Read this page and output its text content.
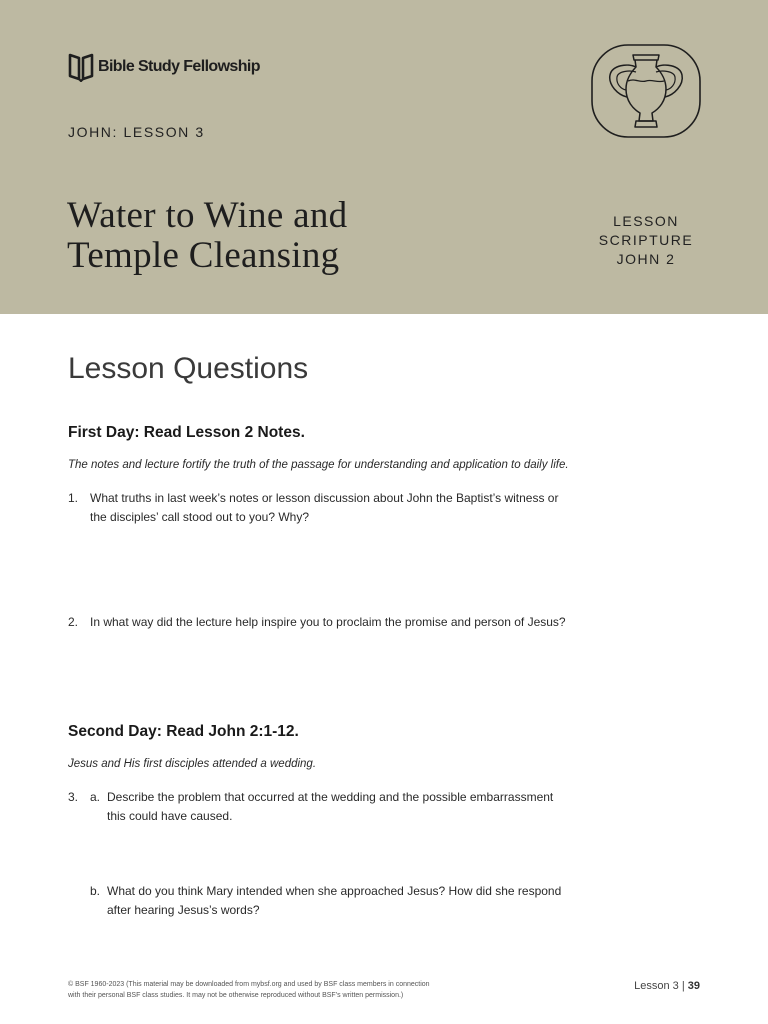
Bible Study Fellowship
JOHN: LESSON 3
Water to Wine and
Temple Cleansing
LESSON
SCRIPTURE
JOHN 2
Lesson Questions
First Day: Read Lesson 2 Notes.

The notes and lecture fortify the truth of the passage for understanding and application to daily life.

1. What truths in last week’s notes or lesson discussion about John the Baptist’s witness or
the disciples’ call stood out to you? Why?
2. In what way did the lecture help inspire you to proclaim the promise and person of Jesus?
Second Day: Read John 2:1-12.

Jesus and His first disciples attended a wedding.

3. a. Describe the problem that occurred at the wedding and the possible embarrassment
this could have caused.
b. What do you think Mary intended when she approached Jesus? How did she respond
after hearing Jesus’s words?
© BSF 1960-2023 (This material may be downloaded from mybsf.org and used by BSF class members in connection
with their personal BSF class studies. It may not be otherwise reproduced without BSF’s written permission.)
Lesson 3 | 39
